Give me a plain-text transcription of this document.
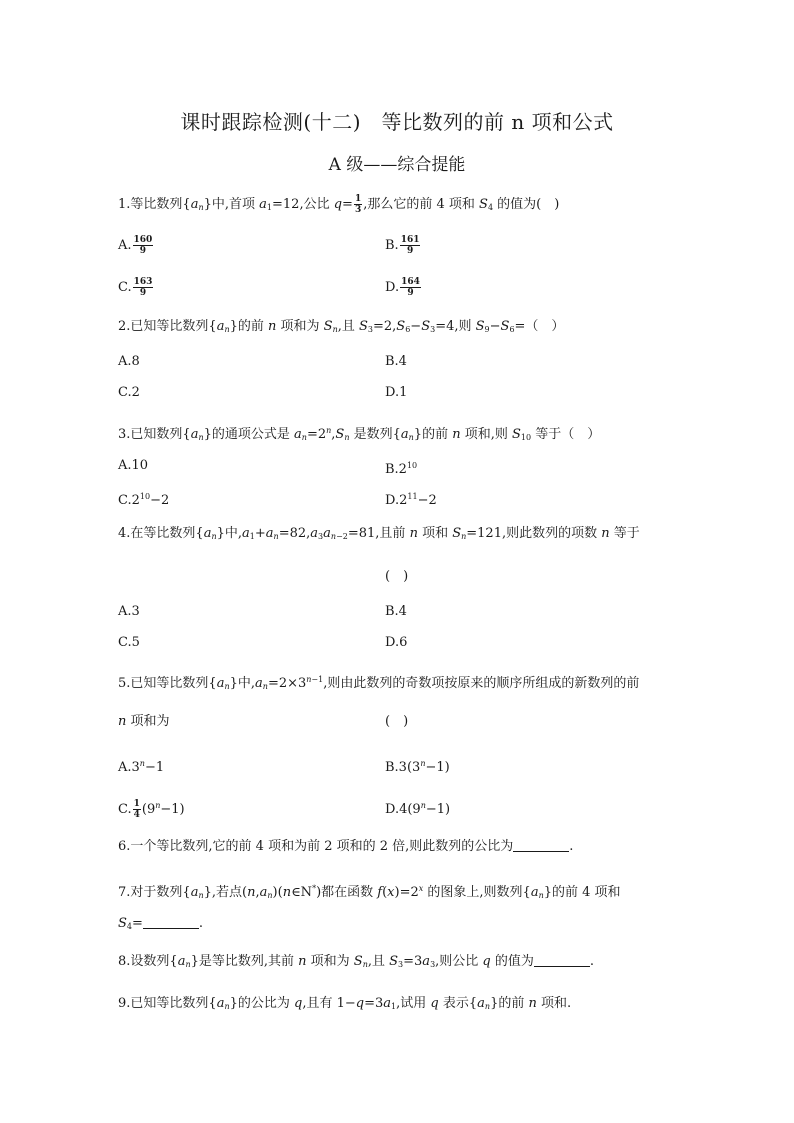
课时跟踪检测(十二)　等比数列的前 n 项和公式
A 级——综合提能
1.等比数列$\{a_n\}$中,首项 $a_1=12$,公比 $q= \frac{1}{3}$ ,那么它的前 4 项和 $S_4$ 的值为(　)
A. $\frac{160}{9}$	B. $\frac{161}{9}$
C. $\frac{163}{9}$	D. $\frac{164}{9}$
2.已知等比数列$\{a_n\}$的前 n 项和为 $S_n$,且 $S_3=2,S_6-S_3=4$,则 $S_9-S_6=$（　）
A.8	B.4
C.2	D.1
3.已知数列$\{a_n\}$的通项公式是 $a_n=2^n,S_n$ 是数列$\{a_n\}$的前 n 项和,则 $S_{10}$ 等于（　）
A.10	$B.2^{10}$
$C.2^{10}-2$	$D.2^{11}-2$
4.在等比数列$\{a_n\}$中$,a_1+a_n=82,a_3a_{n-2}=81$,且前 n 项和 $S_n=121$,则此数列的项数 n 等于
(　)
A.3	B.4
C.5	D.6
5.已知等比数列$\{a_n\}$中$,a_n=2\times 3^{n-1}$,则由此数列的奇数项按原来的顺序所组成的新数列的前
n 项和为	(　)
$A.3^n-1$	$B.3(3^n-1)$
C. $\frac{1}{4} (9^n-1)$	$D.4(9^n-1)$
6.一个等比数列,它的前 4 项和为前 2 项和的 2 倍,则此数列的公比为	.
7.对于数列$\{a_n\}$,若点$(n,a_n)(n\in N^*)$都在函数 $f(x)=2^x$ 的图象上,则数列$\{a_n\}$的前 4 项和
$S_4=$	.
8.设数列$\{a_n\}$是等比数列,其前 n 项和为 $S_n$,且 $S_3=3a_3$,则公比 q 的值为	.
9.已知等比数列$\{a_n\}$的公比为 q,且有 $1-q=3a_1$,试用 q 表示$\{a_n\}$的前 n 项和.
